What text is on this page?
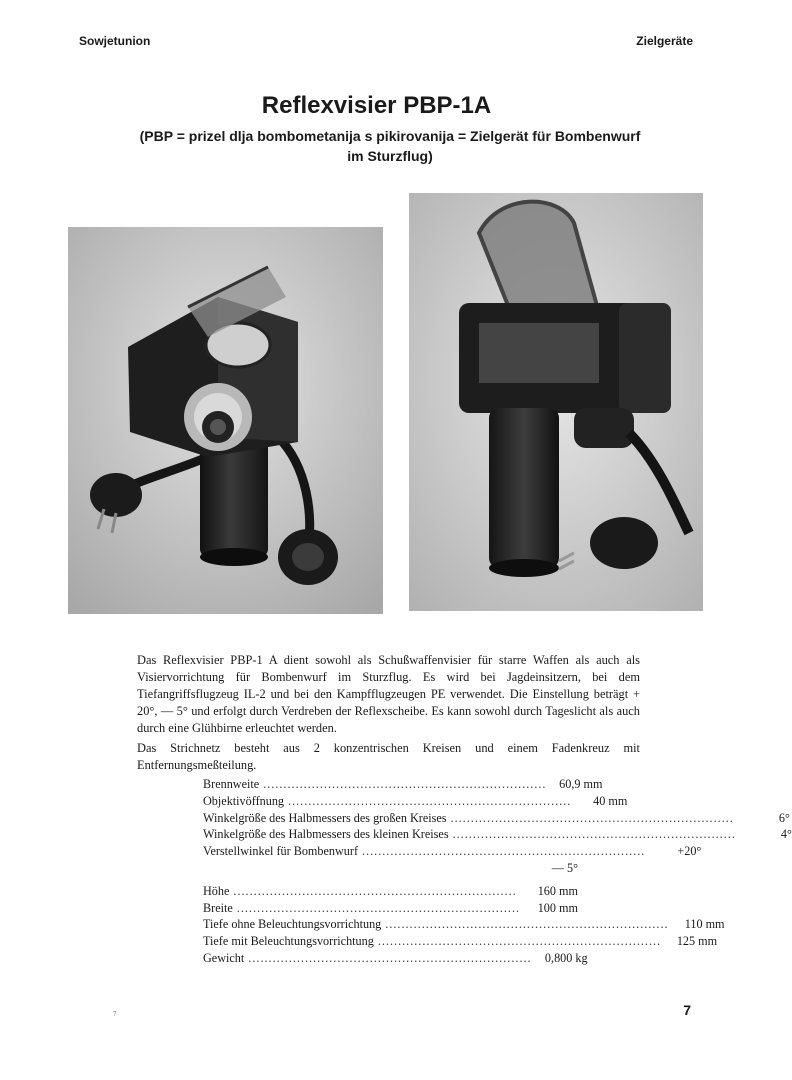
Sowjetunion	Zielgeräte
Reflexvisier PBP-1A
(PBP = prizel dlja bombometanija s pikirovanija = Zielgerät für Bombenwurf
im Sturzflug)

Das Reflexvisier PBP-1 A dient sowohl als Schußwaffenvisier für starre Waffen als auch als Visiervorrichtung für Bombenwurf im Sturzflug. Es wird bei Jagdeinsitzern, bei dem Tiefangriffsflugzeug IL-2 und bei den Kampfflugzeugen PE verwendet. Die Einstellung beträgt + 20°, — 5° und erfolgt durch Verdreben der Reflexscheibe. Es kann sowohl durch Tageslicht als auch durch eine Glühbirne erleuchtet werden.

Das Strichnetz besteht aus 2 konzentrischen Kreisen und einem Fadenkreuz mit Entfernungsmeßteilung.

Brennweite ......................................................................	60,9 mm
Objektivöffnung ......................................................................	40 mm
Winkelgröße des Halbmessers des großen Kreises ......................................................................	6°
Winkelgröße des Halbmessers des kleinen Kreises ......................................................................	4°
Verstellwinkel für Bombenwurf ......................................................................	+20°
— 5°
Höhe ......................................................................	160 mm
Breite ......................................................................	100 mm
Tiefe ohne Beleuchtungsvorrichtung ......................................................................	110 mm
Tiefe mit Beleuchtungsvorrichtung ......................................................................	125 mm
Gewicht ......................................................................	0,800 kg
7	7
